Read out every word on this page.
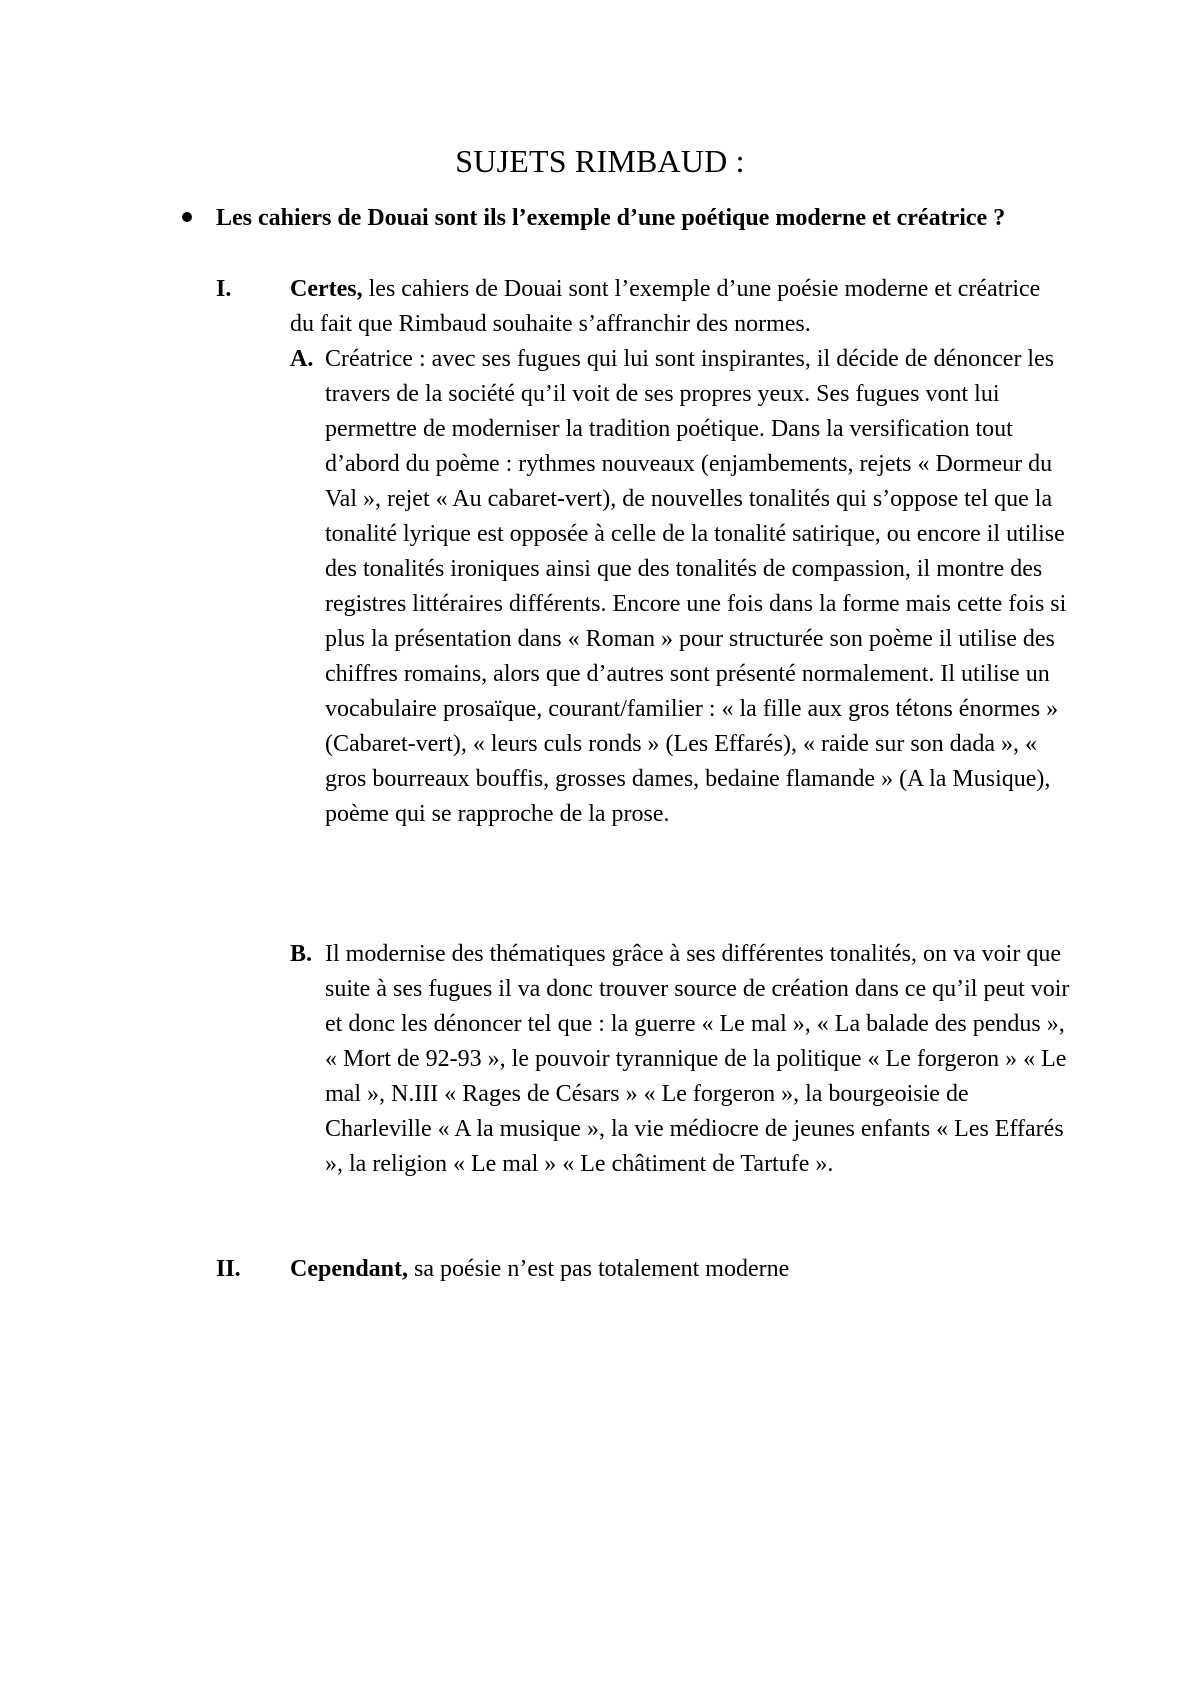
SUJETS RIMBAUD :

Les cahiers de Douai sont ils l’exemple d’une poétique moderne et créatrice ?

I. Certes, les cahiers de Douai sont l’exemple d’une poésie moderne et créatrice du fait que Rimbaud souhaite s’affranchir des normes.

A. Créatrice : avec ses fugues qui lui sont inspirantes, il décide de dénoncer les travers de la société qu’il voit de ses propres yeux. Ses fugues vont lui permettre de moderniser la tradition poétique. Dans la versification tout d’abord du poème : rythmes nouveaux (enjambements, rejets « Dormeur du Val », rejet « Au cabaret-vert), de nouvelles tonalités qui s’oppose tel que la tonalité lyrique est opposée à celle de la tonalité satirique, ou encore il utilise des tonalités ironiques ainsi que des tonalités de compassion, il montre des registres littéraires différents. Encore une fois dans la forme mais cette fois si plus la présentation dans « Roman » pour structurée son poème il utilise des chiffres romains, alors que d’autres sont présenté normalement. Il utilise un vocabulaire prosaïque, courant/familier : « la fille aux gros tétons énormes » (Cabaret-vert), « leurs culs ronds » (Les Effarés), « raide sur son dada », « gros bourreaux bouffis, grosses dames, bedaine flamande » (A la Musique), poème qui se rapproche de la prose.

B. Il modernise des thématiques grâce à ses différentes tonalités, on va voir que suite à ses fugues il va donc trouver source de création dans ce qu’il peut voir et donc les dénoncer tel que : la guerre « Le mal », « La balade des pendus », « Mort de 92-93 », le pouvoir tyrannique de la politique « Le forgeron » « Le mal », N.III « Rages de Césars » « Le forgeron », la bourgeoisie de Charleville « A la musique », la vie médiocre de jeunes enfants « Les Effarés », la religion « Le mal » « Le châtiment de Tartufe ».

II. Cependant, sa poésie n’est pas totalement moderne
